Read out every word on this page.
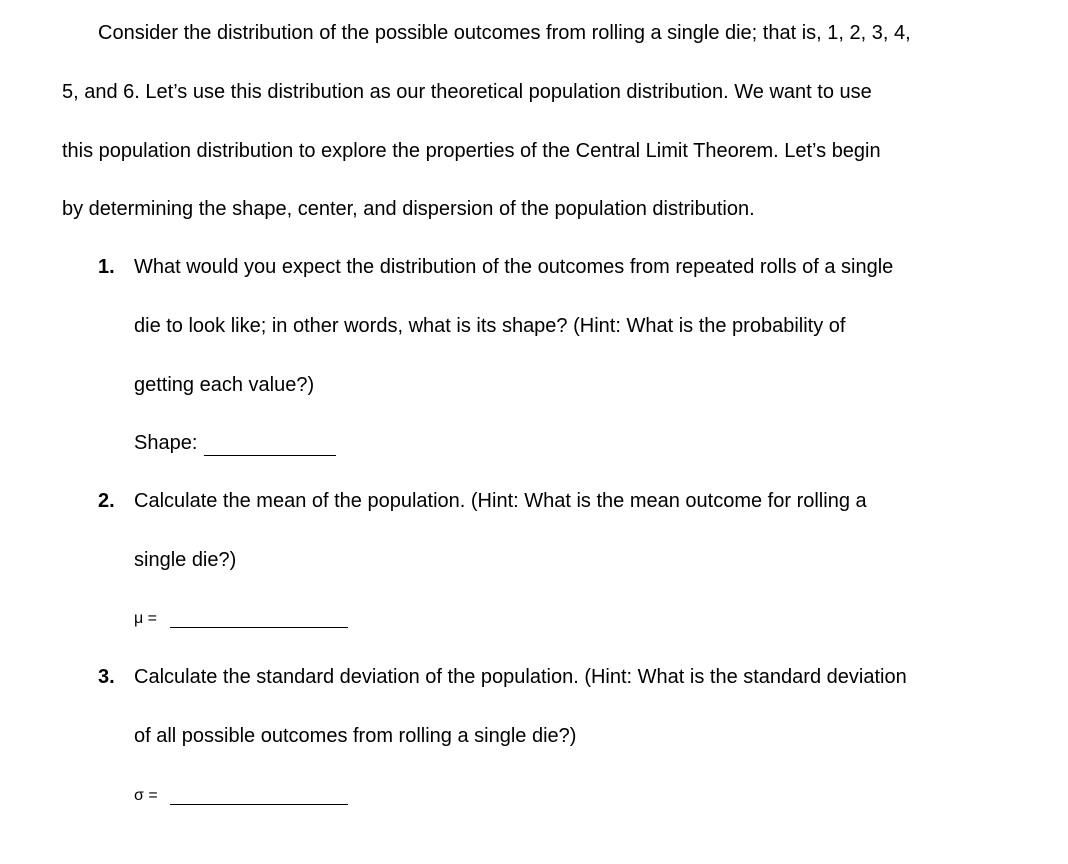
Consider the distribution of the possible outcomes from rolling a single die; that is, 1, 2, 3, 4,
5, and 6. Let’s use this distribution as our theoretical population distribution. We want to use
this population distribution to explore the properties of the Central Limit Theorem. Let’s begin
by determining the shape, center, and dispersion of the population distribution.
1. What would you expect the distribution of the outcomes from repeated rolls of a single
die to look like; in other words, what is its shape? (Hint: What is the probability of
getting each value?)
Shape:
2. Calculate the mean of the population. (Hint: What is the mean outcome for rolling a
single die?)
μ =
3. Calculate the standard deviation of the population. (Hint: What is the standard deviation
of all possible outcomes from rolling a single die?)
σ =
